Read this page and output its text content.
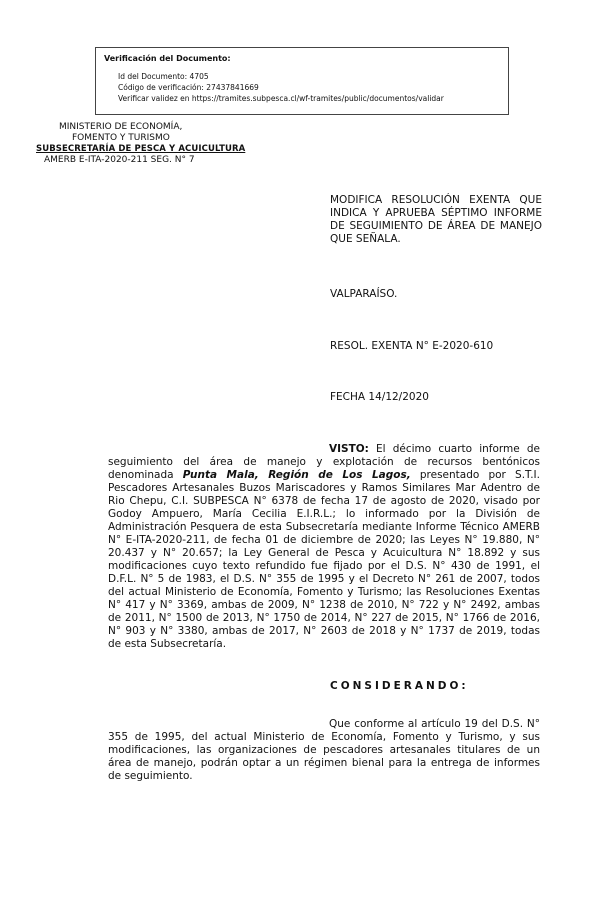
Verificación del Documento:
• Id del Documento: 4705
• Código de verificación: 27437841669
• Verificar validez en https://tramites.subpesca.cl/wf-tramites/public/documentos/validar
MINISTERIO DE ECONOMÍA,
FOMENTO Y TURISMO
SUBSECRETARÍA DE PESCA Y ACUICULTURA
AMERB E-ITA-2020-211 SEG. N° 7
MODIFICA RESOLUCIÓN EXENTA QUE INDICA Y APRUEBA SÉPTIMO INFORME DE SEGUIMIENTO DE ÁREA DE MANEJO QUE SEÑALA.
VALPARAÍSO.
RESOL. EXENTA N° E-2020-610
FECHA 14/12/2020
VISTO: El décimo cuarto informe de seguimiento del área de manejo y explotación de recursos bentónicos denominada Punta Mala, Región de Los Lagos, presentado por S.T.I. Pescadores Artesanales Buzos Mariscadores y Ramos Similares Mar Adentro de Rio Chepu, C.I. SUBPESCA N° 6378 de fecha 17 de agosto de 2020, visado por Godoy Ampuero, María Cecilia E.I.R.L.; lo informado por la División de Administración Pesquera de esta Subsecretaría mediante Informe Técnico AMERB N° E-ITA-2020-211, de fecha 01 de diciembre de 2020; las Leyes N° 19.880, N° 20.437 y N° 20.657; la Ley General de Pesca y Acuicultura N° 18.892 y sus modificaciones cuyo texto refundido fue fijado por el D.S. N° 430 de 1991, el D.F.L. N° 5 de 1983, el D.S. N° 355 de 1995 y el Decreto N° 261 de 2007, todos del actual Ministerio de Economía, Fomento y Turismo; las Resoluciones Exentas N° 417 y N° 3369, ambas de 2009, N° 1238 de 2010, N° 722 y N° 2492, ambas de 2011, N° 1500 de 2013, N° 1750 de 2014, N° 227 de 2015, N° 1766 de 2016, N° 903 y N° 3380, ambas de 2017, N° 2603 de 2018 y N° 1737 de 2019, todas de esta Subsecretaría.
CONSIDERANDO:
Que conforme al artículo 19 del D.S. N° 355 de 1995, del actual Ministerio de Economía, Fomento y Turismo, y sus modificaciones, las organizaciones de pescadores artesanales titulares de un área de manejo, podrán optar a un régimen bienal para la entrega de informes de seguimiento.
